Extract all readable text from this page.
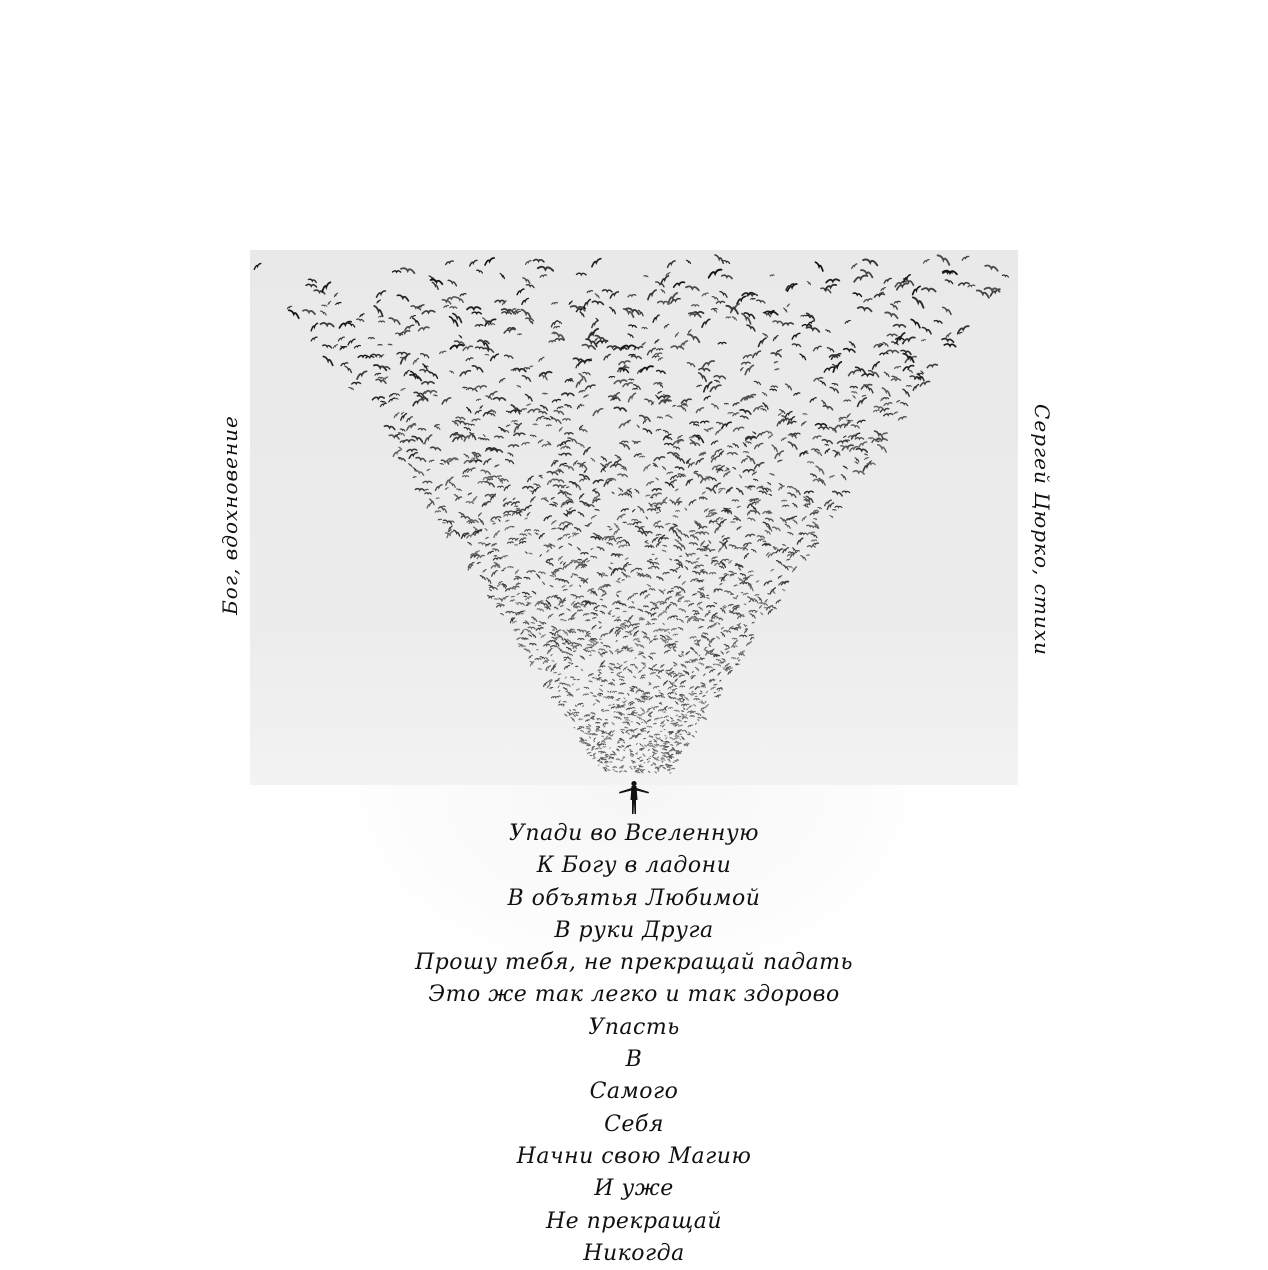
Бог, вдохновение	Сергей Цюрко, стихи
Упади во Вселенную
К Богу в ладони
В объятья Любимой
В руки Друга
Прошу тебя, не прекращай падать
Это же так легко и так здорово
Упасть
В
Самого
Себя
Начни свою Магию
И уже
Не прекращай
Никогда
